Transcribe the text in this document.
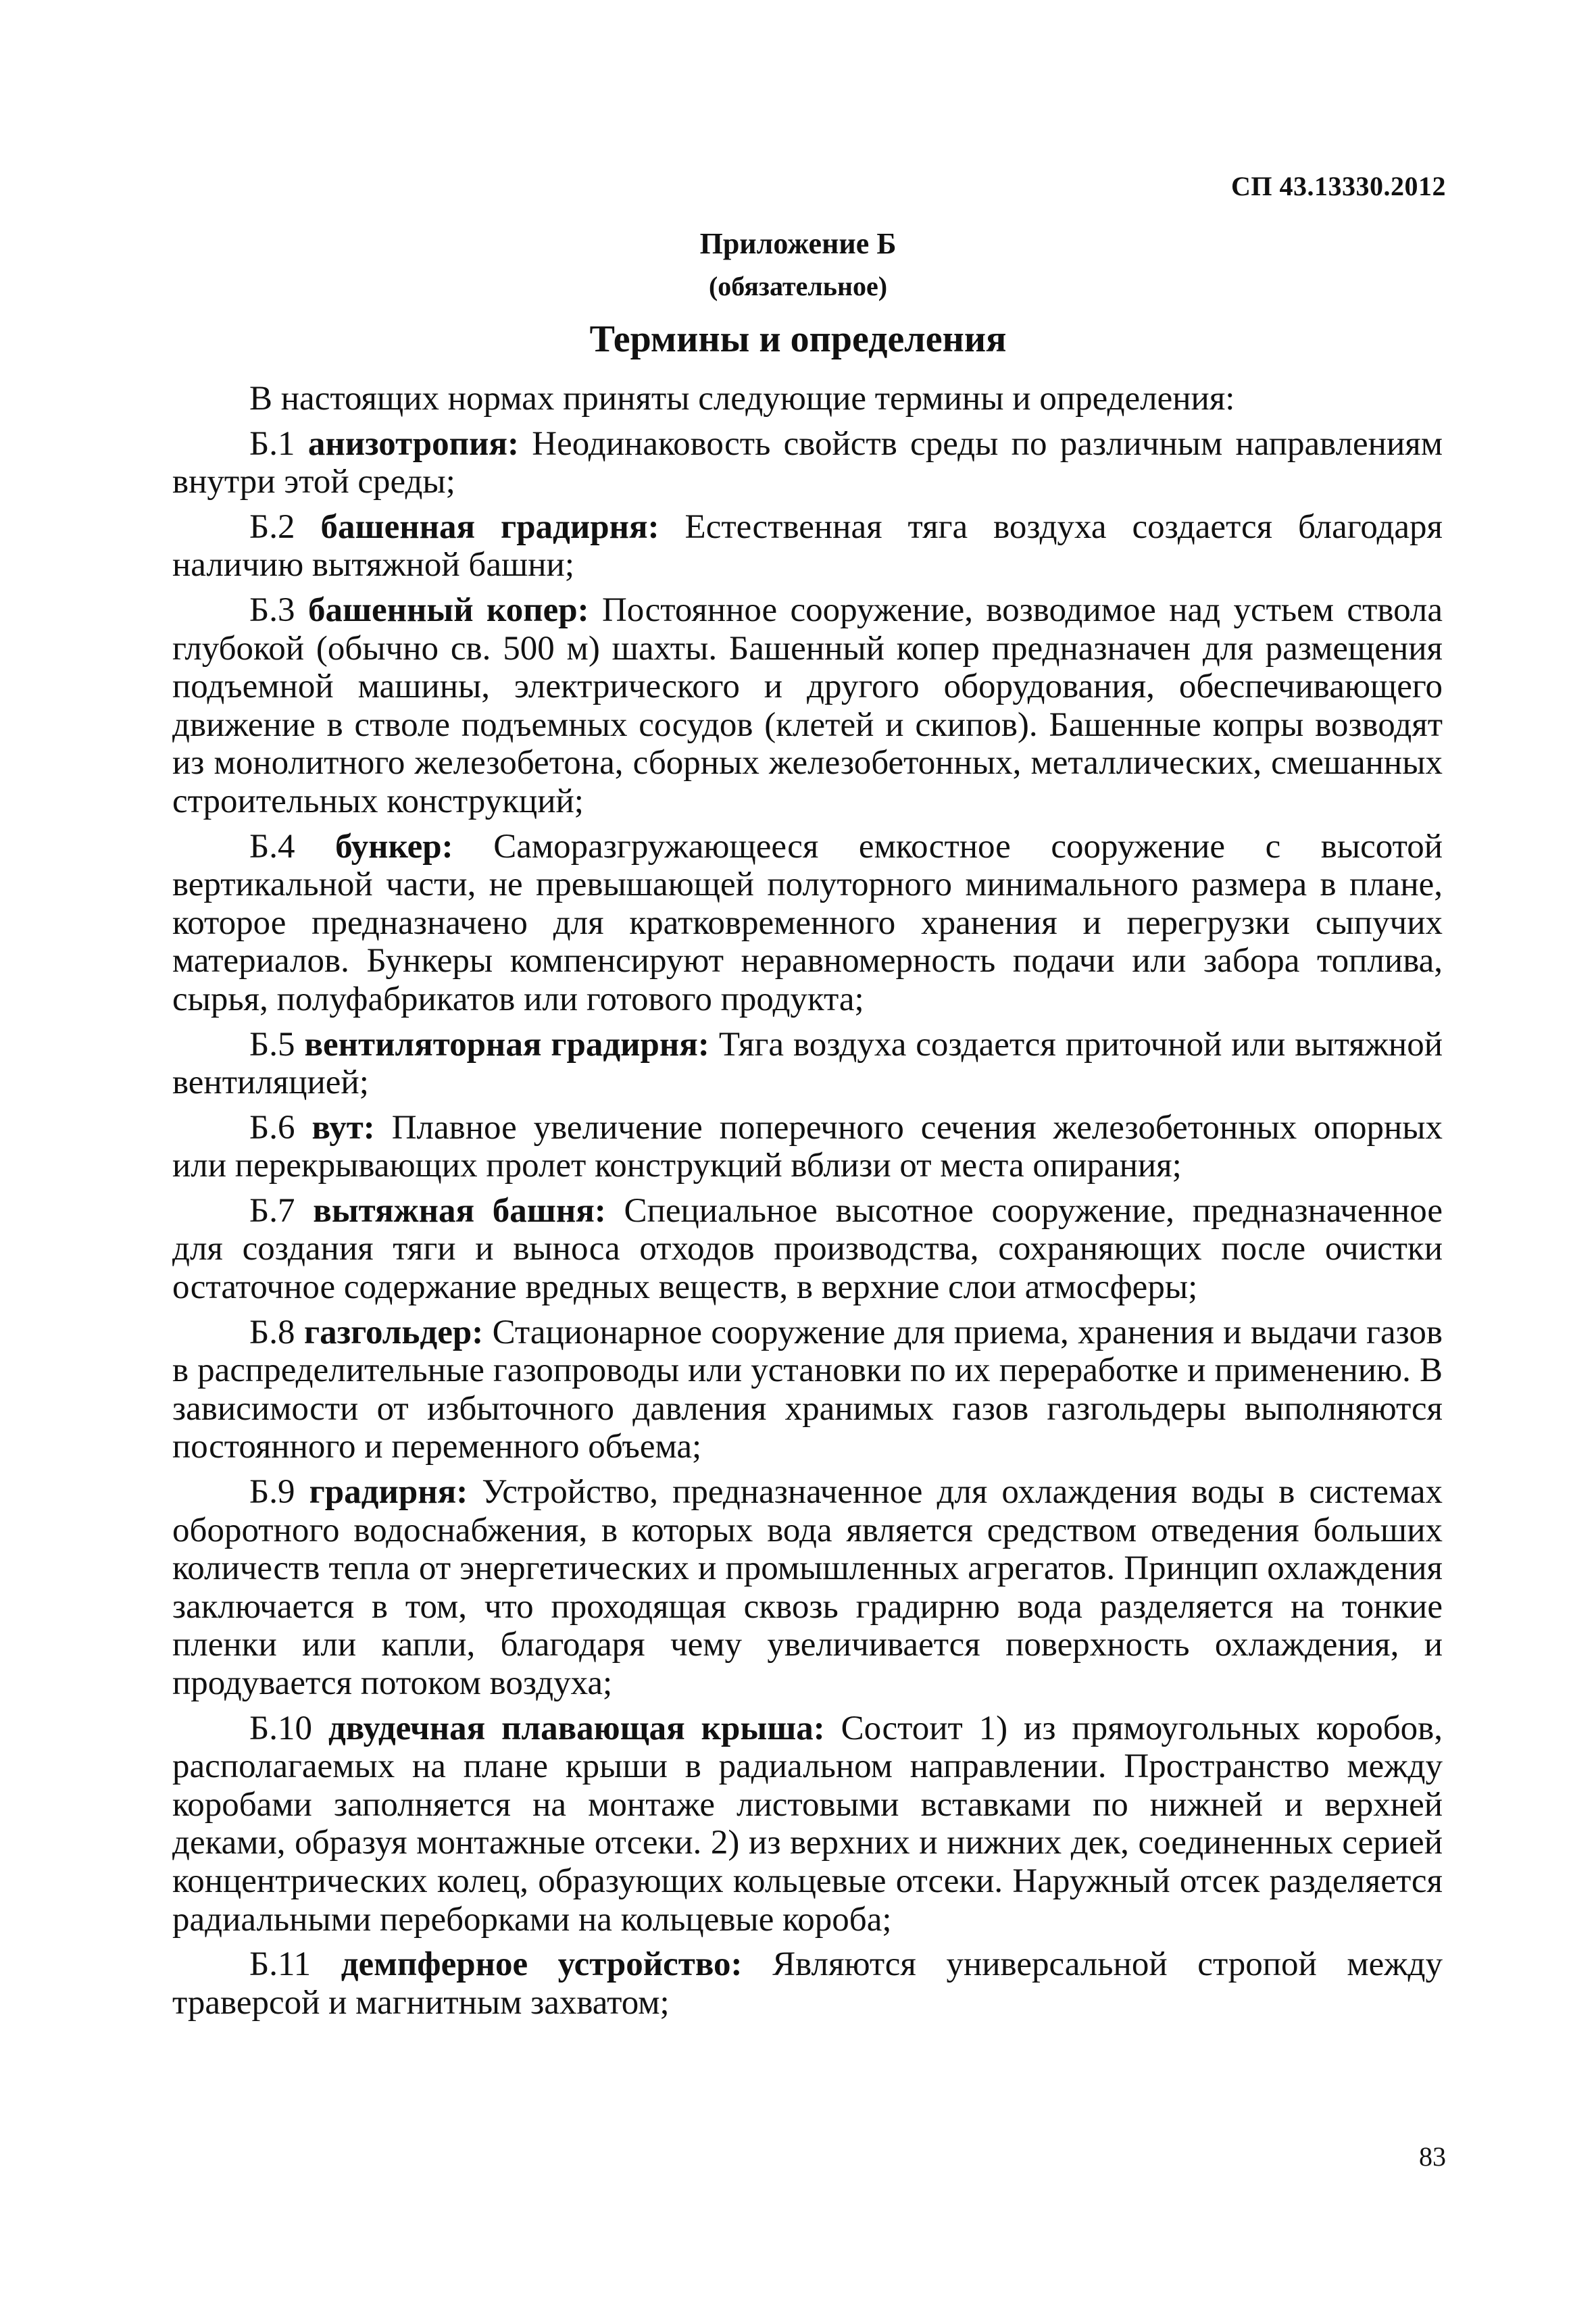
СП 43.13330.2012
Приложение Б
(обязательное)
Термины и определения

В настоящих нормах приняты следующие термины и определения:

Б.1 анизотропия: Неодинаковость свойств среды по различным направлениям внутри этой среды;

Б.2 башенная градирня: Естественная тяга воздуха создается благодаря наличию вытяжной башни;

Б.3 башенный копер: Постоянное сооружение, возводимое над устьем ствола глубокой (обычно св. 500 м) шахты. Башенный копер предназначен для размещения подъемной машины, электрического и другого оборудования, обеспечивающего движение в стволе подъемных сосудов (клетей и скипов). Башенные копры возводят из монолитного железобетона, сборных железобетонных, металлических, смешанных строительных конструкций;

Б.4 бункер: Саморазгружающееся емкостное сооружение с высотой вертикальной части, не превышающей полуторного минимального размера в плане, которое предназначено для кратковременного хранения и перегрузки сыпучих материалов. Бункеры компенсируют неравномерность подачи или забора топлива, сырья, полуфабрикатов или готового продукта;

Б.5 вентиляторная градирня: Тяга воздуха создается приточной или вытяжной вентиляцией;

Б.6 вут: Плавное увеличение поперечного сечения железобетонных опорных или перекрывающих пролет конструкций вблизи от места опирания;

Б.7 вытяжная башня: Специальное высотное сооружение, предназначенное для создания тяги и выноса отходов производства, сохраняющих после очистки остаточное содержание вредных веществ, в верхние слои атмосферы;

Б.8 газгольдер: Стационарное сооружение для приема, хранения и выдачи газов в распределительные газопроводы или установки по их переработке и применению. В зависимости от избыточного давления хранимых газов газгольдеры выполняются постоянного и переменного объема;

Б.9 градирня: Устройство, предназначенное для охлаждения воды в системах оборотного водоснабжения, в которых вода является средством отведения больших количеств тепла от энергетических и промышленных агрегатов. Принцип охлаждения заключается в том, что проходящая сквозь градирню вода разделяется на тонкие пленки или капли, благодаря чему увеличивается поверхность охлаждения, и продувается потоком воздуха;

Б.10 двудечная плавающая крыша: Состоит 1) из прямоугольных коробов, располагаемых на плане крыши в радиальном направлении. Пространство между коробами заполняется на монтаже листовыми вставками по нижней и верхней деками, образуя монтажные отсеки. 2) из верхних и нижних дек, соединенных серией концентрических колец, образующих кольцевые отсеки. Наружный отсек разделяется радиальными переборками на кольцевые короба;

Б.11 демпферное устройство: Являются универсальной стропой между траверсой и магнитным захватом;

83
